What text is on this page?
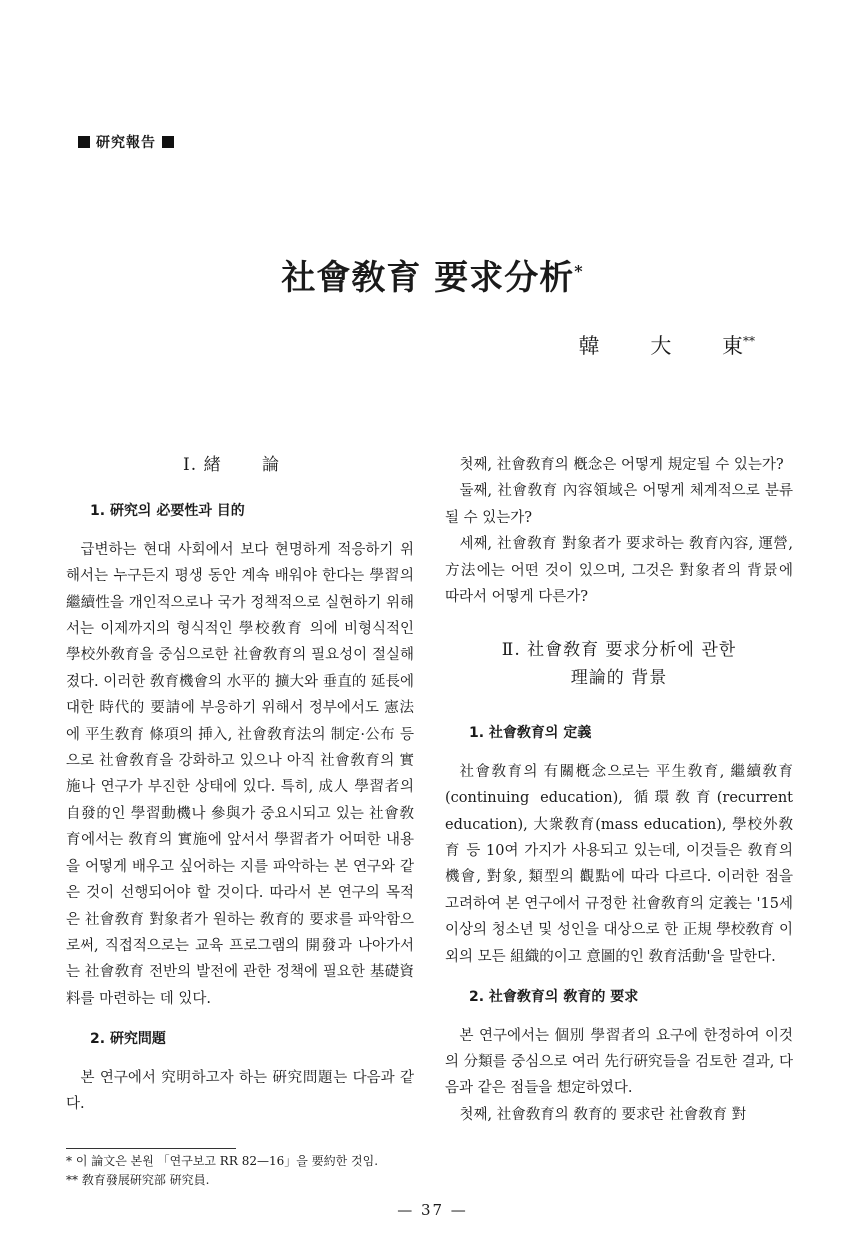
研究報告
社會敎育 要求分析*
韓 大 東**
Ⅰ. 緖 論
1. 硏究의 必要性과 目的

급변하는 현대 사회에서 보다 현명하게 적응하기 위해서는 누구든지 평생 동안 계속 배워야 한다는 學習의 繼續性을 개인적으로나 국가 정책적으로 실현하기 위해서는 이제까지의 형식적인 學校敎育 의에 비형식적인 學校外敎育을 중심으로한 社會敎育의 필요성이 절실해졌다. 이러한 敎育機會의 水平的 擴大와 垂直的 延長에 대한 時代的 要請에 부응하기 위해서 정부에서도 憲法에 平生敎育 條項의 挿入, 社會敎育法의 制定·公布 등으로 社會敎育을 강화하고 있으나 아직 社會敎育의 實施나 연구가 부진한 상태에 있다. 특히, 成人 學習者의 自發的인 學習動機나 參與가 중요시되고 있는 社會敎育에서는 敎育의 實施에 앞서서 學習者가 어떠한 내용을 어떻게 배우고 싶어하는 지를 파악하는 본 연구와 같은 것이 선행되어야 할 것이다. 따라서 본 연구의 목적은 社會敎育 對象者가 원하는 敎育的 要求를 파악함으로써, 직접적으로는 교육 프로그램의 開發과 나아가서는 社會敎育 전반의 발전에 관한 정책에 필요한 基礎資料를 마련하는 데 있다.

2. 硏究問題

본 연구에서 究明하고자 하는 硏究問題는 다음과 같다.

첫째, 社會敎育의 槪念은 어떻게 規定될 수 있는가?

둘째, 社會敎育 內容領域은 어떻게 체계적으로 분류될 수 있는가?

세째, 社會敎育 對象者가 要求하는 敎育內容, 運營, 方法에는 어떤 것이 있으며, 그것은 對象者의 背景에 따라서 어떻게 다른가?

Ⅱ. 社會敎育 要求分析에 관한
理論的 背景
1. 社會敎育의 定義

社會敎育의 有關槪念으로는 平生敎育, 繼續敎育(continuing education), 循環敎育(recurrent education), 大衆敎育(mass education), 學校外敎育 등 10여 가지가 사용되고 있는데, 이것들은 敎育의 機會, 對象, 類型의 觀點에 따라 다르다. 이러한 점을 고려하여 본 연구에서 규정한 社會敎育의 定義는 '15세 이상의 청소년 및 성인을 대상으로 한 正規 學校敎育 이외의 모든 組織的이고 意圖的인 敎育活動'을 말한다.

2. 社會敎育의 敎育的 要求

본 연구에서는 個別 學習者의 요구에 한정하여 이것의 分類를 중심으로 여러 先行硏究들을 검토한 결과, 다음과 같은 점들을 想定하였다.

첫째, 社會敎育의 敎育的 要求란 社會敎育 對

* 이 論文은 본원 「연구보고 RR 82—16」을 要約한 것임.
** 敎育發展硏究部 硏究員.
— 37 —
